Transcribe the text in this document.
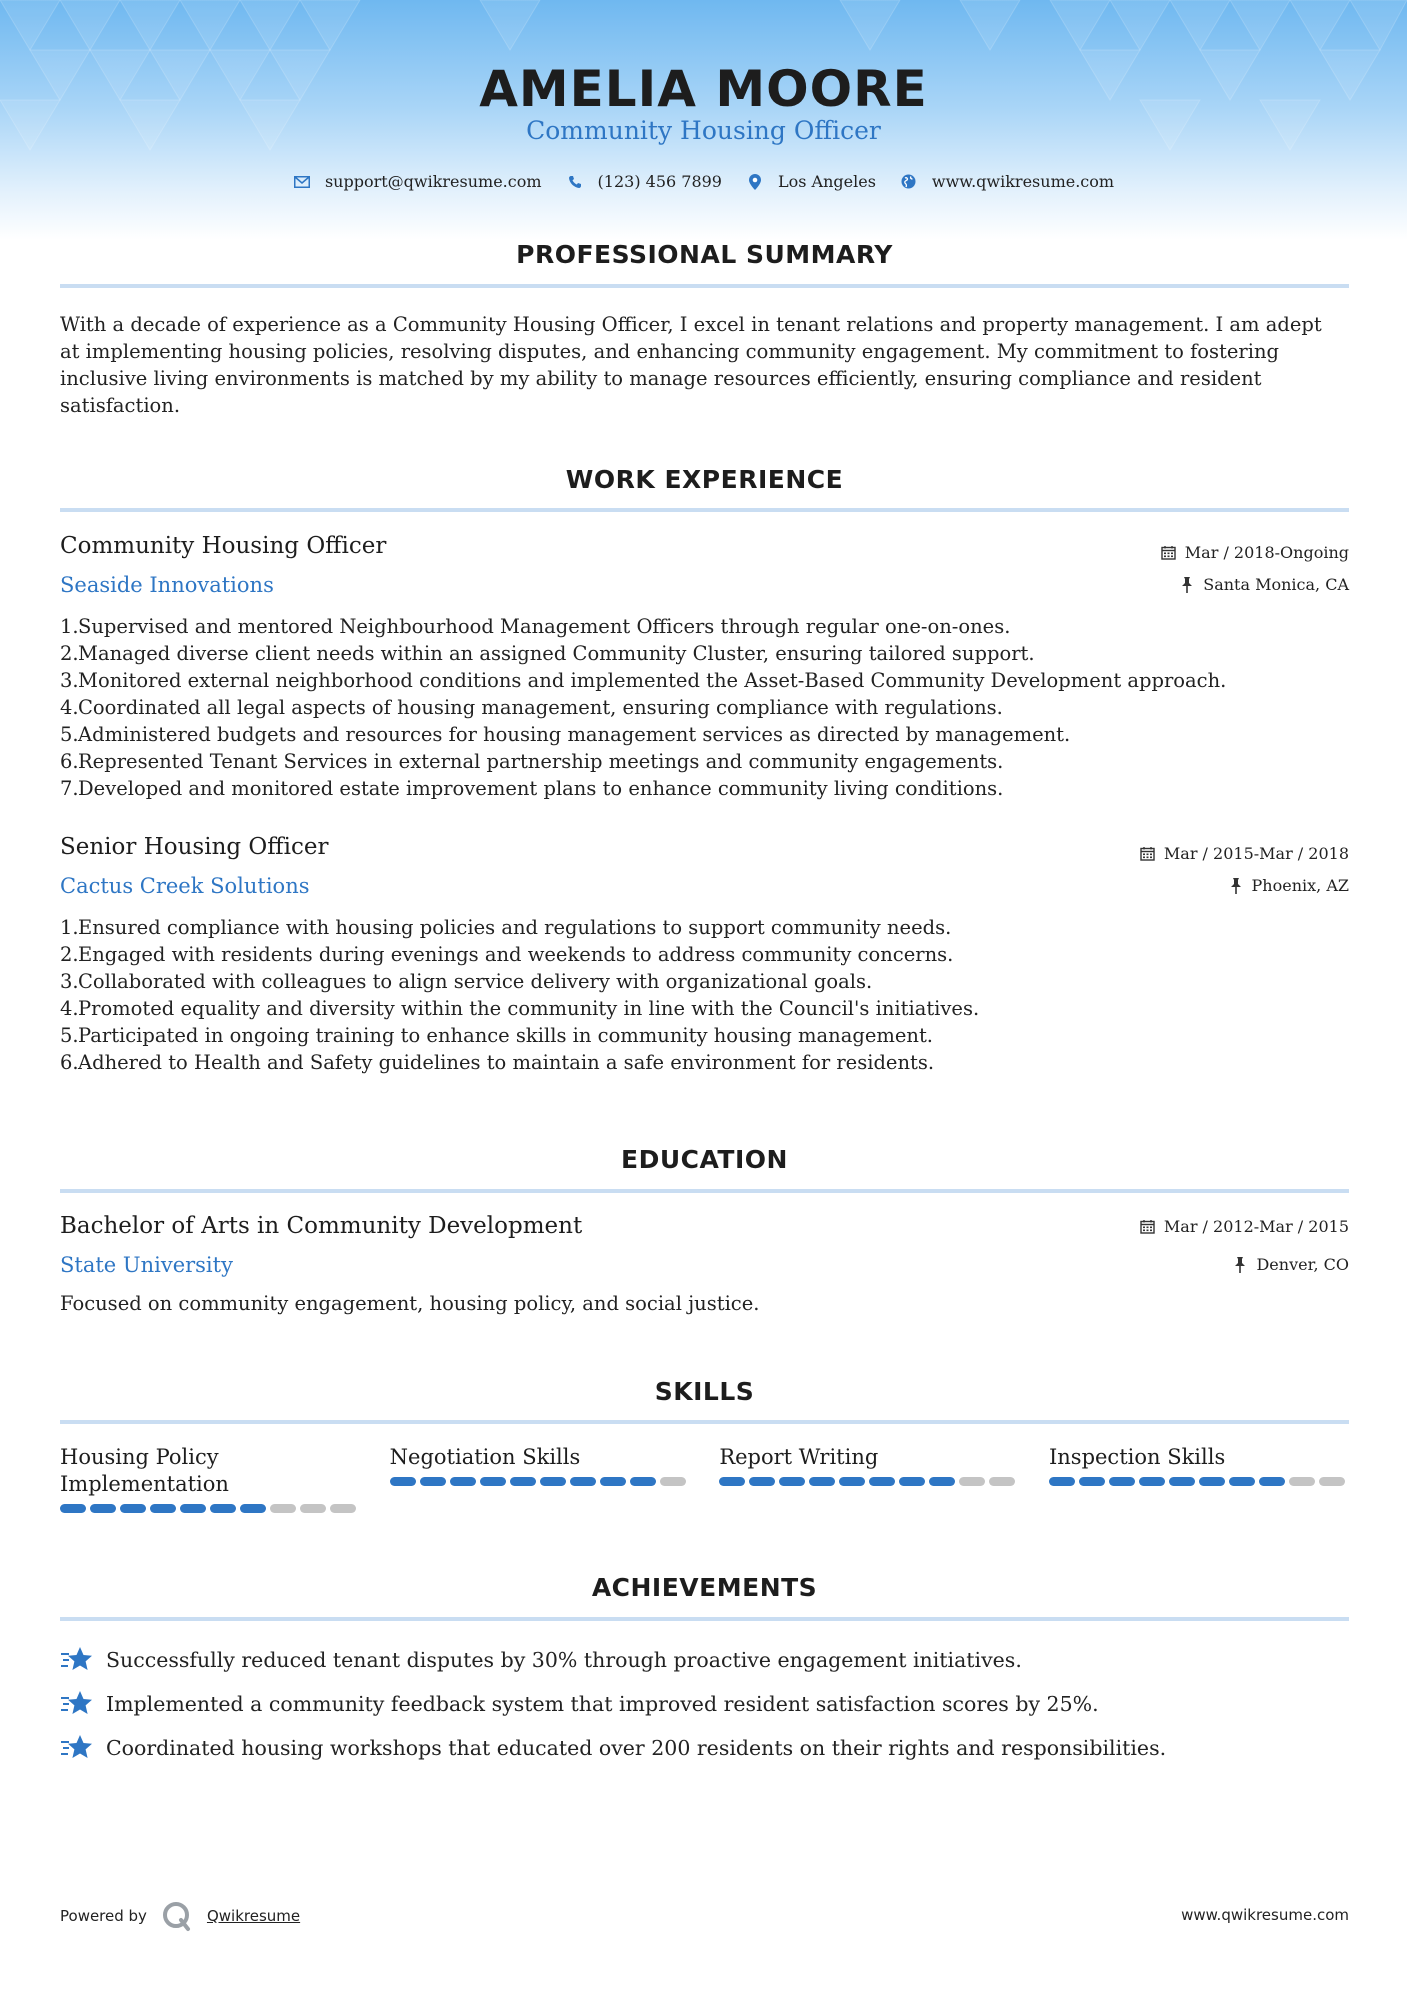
AMELIA MOORE
Community Housing Officer
support@qwikresume.com	(123) 456 7899	Los Angeles	www.qwikresume.com
PROFESSIONAL SUMMARY
With a decade of experience as a Community Housing Officer, I excel in tenant relations and property management. I am adept
at implementing housing policies, resolving disputes, and enhancing community engagement. My commitment to fostering
inclusive living environments is matched by my ability to manage resources efficiently, ensuring compliance and resident
satisfaction.
WORK EXPERIENCE
Community Housing Officer
Seaside Innovations
Mar / 2018-Ongoing
Santa Monica, CA
1. Supervised and mentored Neighbourhood Management Officers through regular one-on-ones.
2. Managed diverse client needs within an assigned Community Cluster, ensuring tailored support.
3. Monitored external neighborhood conditions and implemented the Asset-Based Community Development approach.
4. Coordinated all legal aspects of housing management, ensuring compliance with regulations.
5. Administered budgets and resources for housing management services as directed by management.
6. Represented Tenant Services in external partnership meetings and community engagements.
7. Developed and monitored estate improvement plans to enhance community living conditions.
Senior Housing Officer
Cactus Creek Solutions
Mar / 2015-Mar / 2018
Phoenix, AZ
1. Ensured compliance with housing policies and regulations to support community needs.
2. Engaged with residents during evenings and weekends to address community concerns.
3. Collaborated with colleagues to align service delivery with organizational goals.
4. Promoted equality and diversity within the community in line with the Council's initiatives.
5. Participated in ongoing training to enhance skills in community housing management.
6. Adhered to Health and Safety guidelines to maintain a safe environment for residents.
EDUCATION
Bachelor of Arts in Community Development
State University
Mar / 2012-Mar / 2015
Denver, CO
Focused on community engagement, housing policy, and social justice.
SKILLS
Housing Policy
Implementation
Negotiation Skills	Report Writing	Inspection Skills
ACHIEVEMENTS
Successfully reduced tenant disputes by 30% through proactive engagement initiatives.
Implemented a community feedback system that improved resident satisfaction scores by 25%.
Coordinated housing workshops that educated over 200 residents on their rights and responsibilities.
Powered by	Qwikresume	www.qwikresume.com
